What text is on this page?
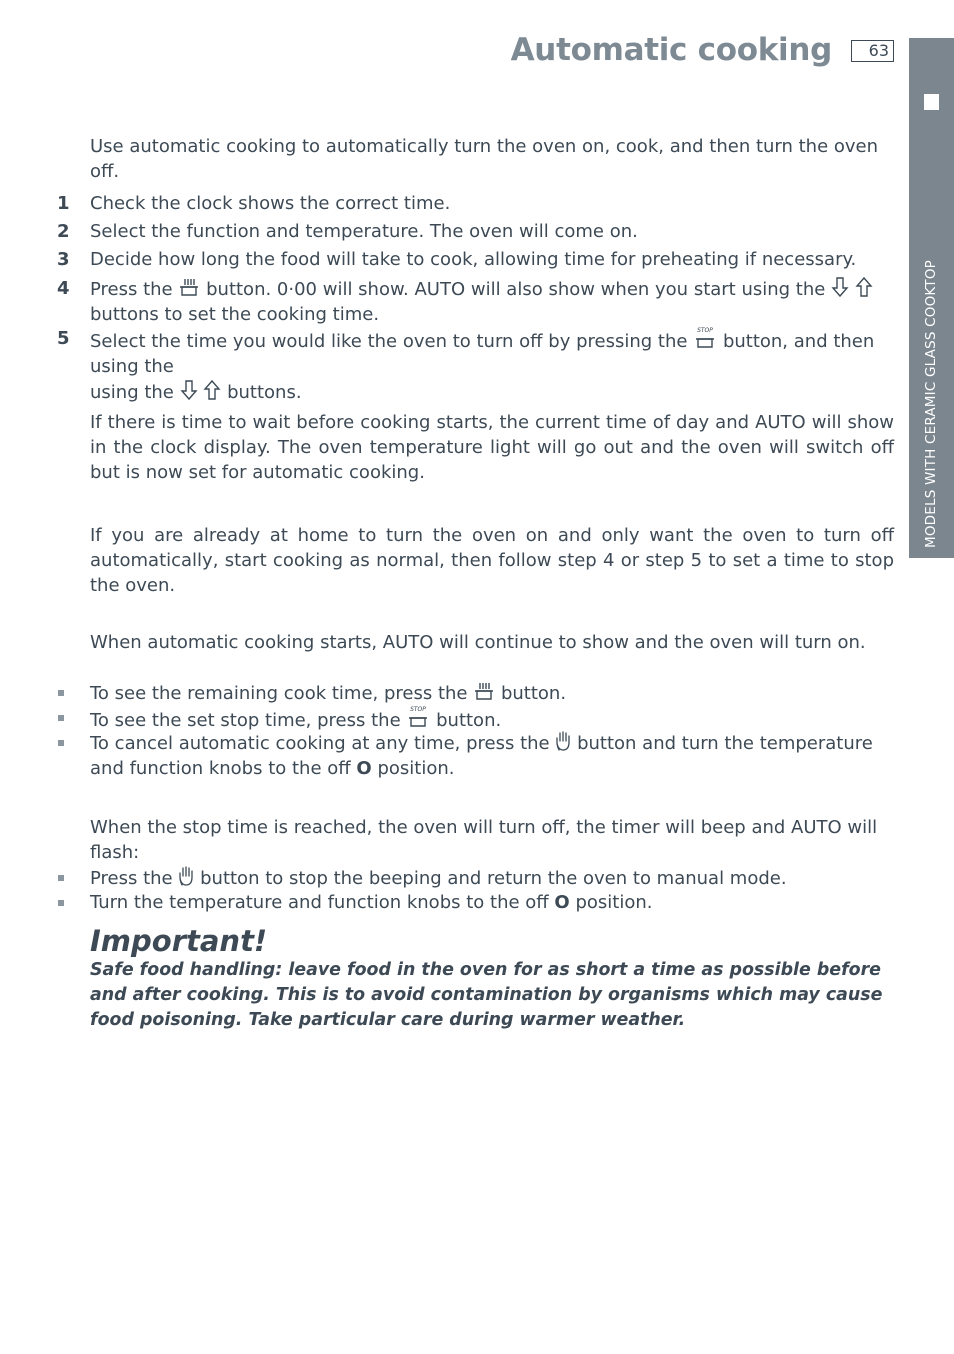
Automatic cooking	63
MODELS WITH CERAMIC GLASS COOKTOP

Use automatic cooking to automatically turn the oven on, cook, and then turn the oven off.

1	Check the clock shows the correct time.
2	Select the function and temperature. The oven will come on.
3	Decide how long the food will take to cook, allowing time for preheating if necessary.
4	Press the button. 0·00 will show. AUTO will also show when you start using the
buttons to set the cooking time.
5	Select the time you would like the oven to turn off by pressing the
STOP
button, and then using the
using the	buttons.

If there is time to wait before cooking starts, the current time of day and AUTO will show in the clock display. The oven temperature light will go out and the oven will switch off but is now set for automatic cooking.

If you are already at home to turn the oven on and only want the oven to turn off automatically, start cooking as normal, then follow step 4 or step 5 to set a time to stop the oven.

When automatic cooking starts, AUTO will continue to show and the oven will turn on.

To see the remaining cook time, press the button.
To see the set stop time, press the
STOP
button.
To cancel automatic cooking at any time, press the button and turn the temperature and function knobs to the off O position.

When the stop time is reached, the oven will turn off, the timer will beep and AUTO will flash:

Press the button to stop the beeping and return the oven to manual mode.
Turn the temperature and function knobs to the off O position.
Important!

Safe food handling: leave food in the oven for as short a time as possible before and after cooking. This is to avoid contamination by organisms which may cause food poisoning. Take particular care during warmer weather.
